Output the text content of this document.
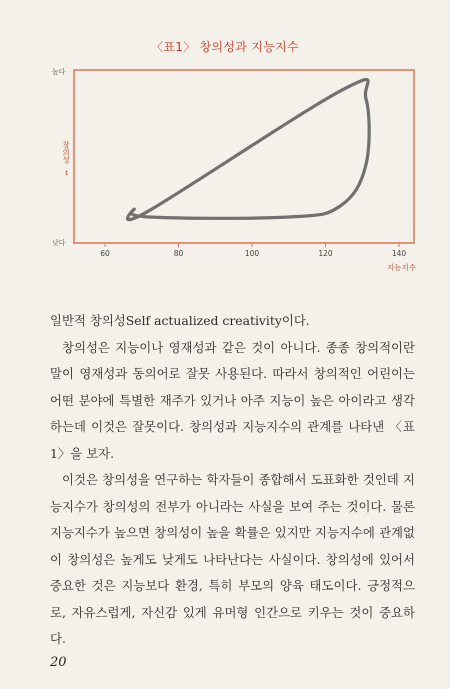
〈표1〉 창의성과 지능지수
높다
낮다
창의성
↕
60	80	100	120	140
지능지수

일반적 창의성Self actualized creativity이다.

창의성은 지능이나 영재성과 같은 것이 아니다. 종종 창의적이란 말이 영재성과 동의어로 잘못 사용된다. 따라서 창의적인 어린이는 어떤 분야에 특별한 재주가 있거나 아주 지능이 높은 아이라고 생각하는데 이것은 잘못이다. 창의성과 지능지수의 관계를 나타낸 〈표1〉을 보자.

이것은 창의성을 연구하는 학자들이 종합해서 도표화한 것인데 지능지수가 창의성의 전부가 아니라는 사실을 보여 주는 것이다. 물론 지능지수가 높으면 창의성이 높을 확률은 있지만 지능지수에 관계없이 창의성은 높게도 낮게도 나타난다는 사실이다. 창의성에 있어서 중요한 것은 지능보다 환경, 특히 부모의 양육 태도이다. 긍정적으로, 자유스럽게, 자신감 있게 유머형 인간으로 키우는 것이 중요하다.

20
